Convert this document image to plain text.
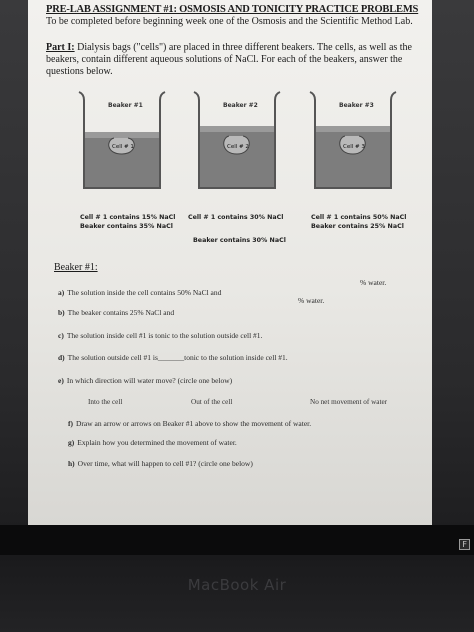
PRE-LAB ASSIGNMENT #1: OSMOSIS AND TONICITY PRACTICE PROBLEMS
To be completed before beginning week one of the Osmosis and the Scientific Method Lab.
Part I: Dialysis bags ("cells") are placed in three different beakers. The cells, as well as the beakers, contain different aqueous solutions of NaCl. For each of the beakers, answer the questions below.
Beaker #1
Cell # 1
Beaker #2
Cell # 2
Beaker #3
Cell # 3
Cell # 1 contains 15% NaCl
Beaker contains 35% NaCl
Cell # 1 contains 30% NaCl
Beaker contains 30% NaCl
Cell # 1 contains 50% NaCl
Beaker contains 25% NaCl
Beaker #1:
% water.
a) The solution inside the cell contains 50% NaCl and
% water.
b) The beaker contains 25% NaCl and
c) The solution inside cell #1 is tonic to the solution outside cell #1.
d) The solution outside cell #1 is_______tonic to the solution inside cell #1.
e) In which direction will water move? (circle one below)
Into the cell	Out of the cell	No net movement of water
f) Draw an arrow or arrows on Beaker #1 above to show the movement of water.
g) Explain how you determined the movement of water.
h) Over time, what will happen to cell #1? (circle one below)
F
MacBook Air
